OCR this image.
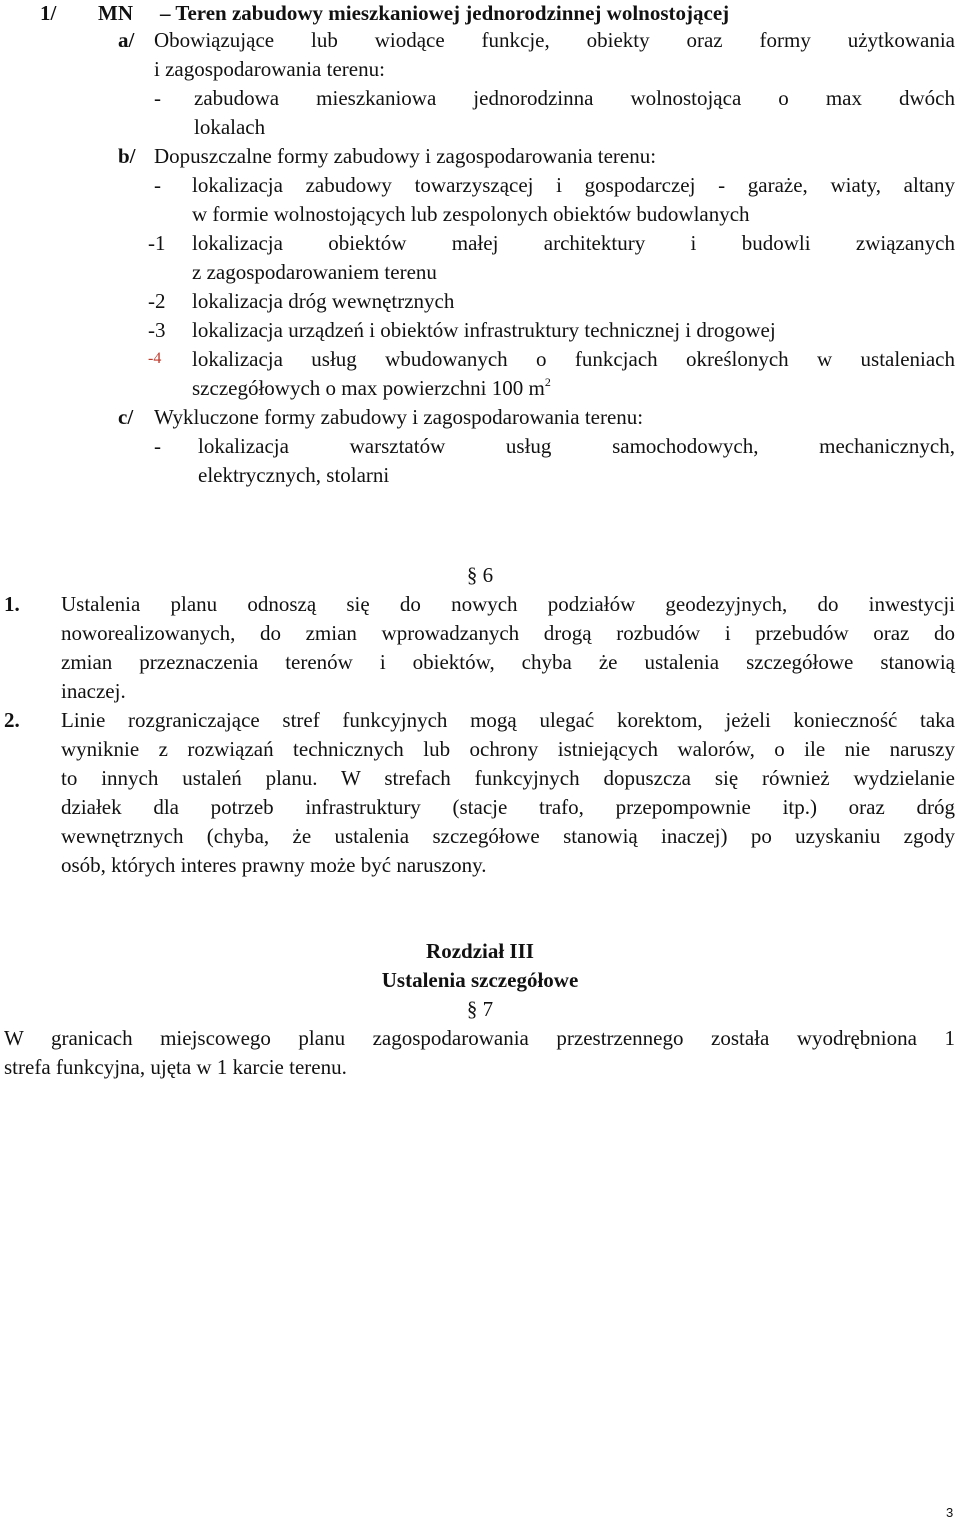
1/ MN – Teren zabudowy mieszkaniowej jednorodzinnej wolnostojącej
a/ Obowiązujące lub wiodące funkcje, obiekty oraz formy użytkowania
i zagospodarowania terenu:
- zabudowa mieszkaniowa jednorodzinna wolnostojąca o max dwóch
lokalach
b/ Dopuszczalne formy zabudowy i zagospodarowania terenu:
- lokalizacja zabudowy towarzyszącej i gospodarczej - garaże, wiaty, altany
w formie wolnostojących lub zespolonych obiektów budowlanych
-1 lokalizacja obiektów małej architektury i budowli związanych
z zagospodarowaniem terenu
-2 lokalizacja dróg wewnętrznych
-3 lokalizacja urządzeń i obiektów infrastruktury technicznej i drogowej
-4 lokalizacja usług wbudowanych o funkcjach określonych w ustaleniach
szczegółowych o max powierzchni 100 $m^2$
c/ Wykluczone formy zabudowy i zagospodarowania terenu:
- lokalizacja warsztatów usług samochodowych, mechanicznych,
elektrycznych, stolarni
§ 6
1. Ustalenia planu odnoszą się do nowych podziałów geodezyjnych, do inwestycji
noworealizowanych, do zmian wprowadzanych drogą rozbudów i przebudów oraz do
zmian przeznaczenia terenów i obiektów, chyba że ustalenia szczegółowe stanowią
inaczej.
2. Linie rozgraniczające stref funkcyjnych mogą ulegać korektom, jeżeli konieczność taka
wyniknie z rozwiązań technicznych lub ochrony istniejących walorów, o ile nie naruszy
to innych ustaleń planu. W strefach funkcyjnych dopuszcza się również wydzielanie
działek dla potrzeb infrastruktury (stacje trafo, przepompownie itp.) oraz dróg
wewnętrznych (chyba, że ustalenia szczegółowe stanowią inaczej) po uzyskaniu zgody
osób, których interes prawny może być naruszony.
Rozdział III
Ustalenia szczegółowe
§ 7
W granicach miejscowego planu zagospodarowania przestrzennego została wyodrębniona 1
strefa funkcyjna, ujęta w 1 karcie terenu.
3
